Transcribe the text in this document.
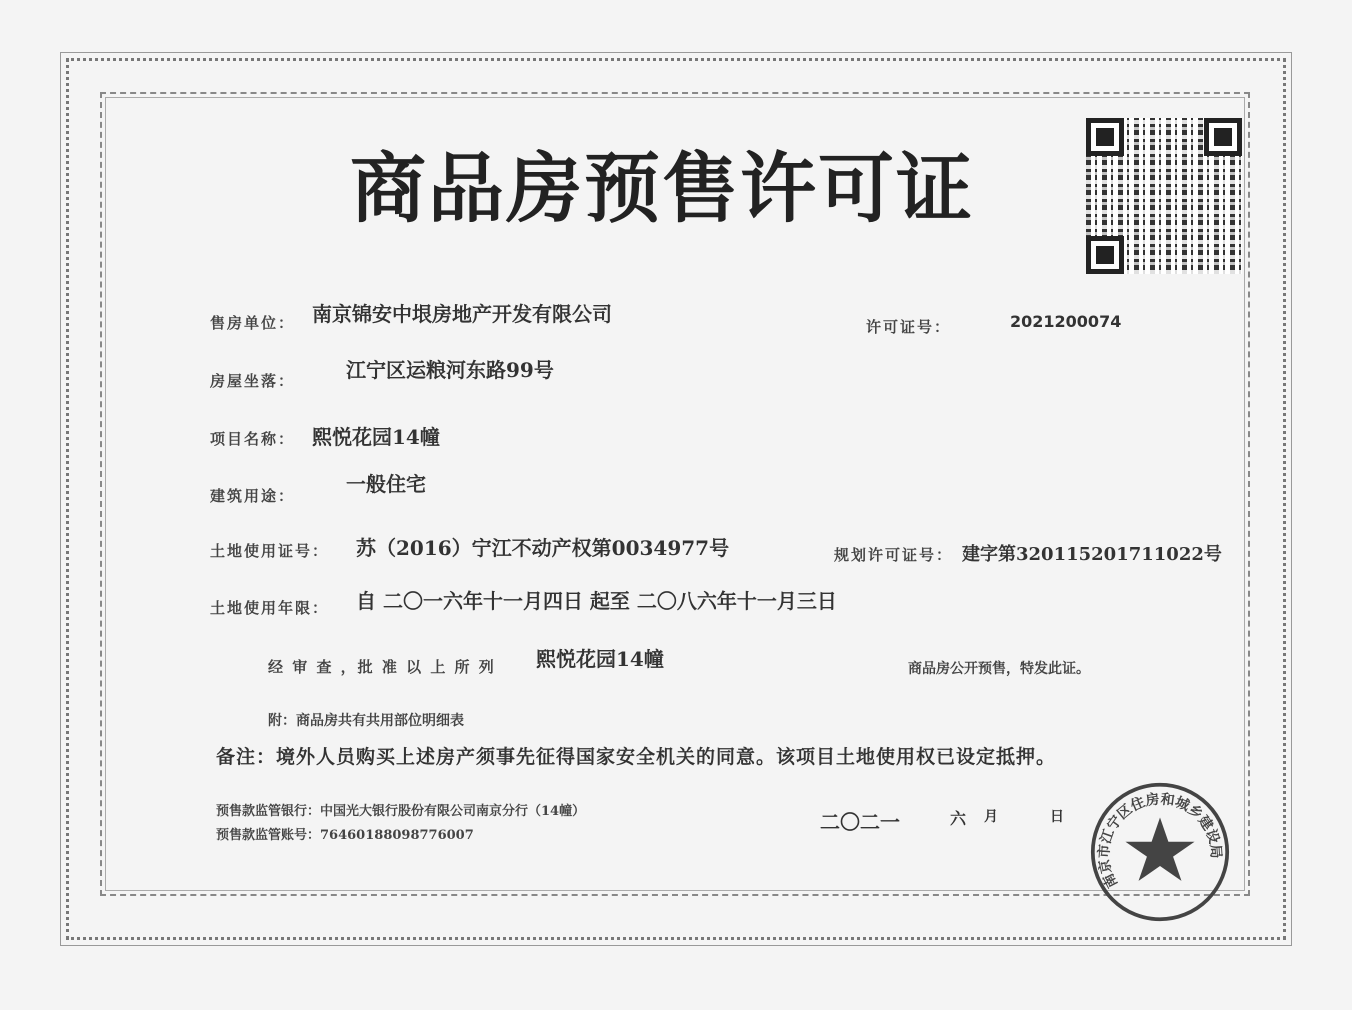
商品房预售许可证
售房单位： 南京锦安中垠房地产开发有限公司
许可证号：	2021200074
房屋坐落：	江宁区运粮河东路99号
项目名称： 熙悦花园14幢
建筑用途：	一般住宅
土地使用证号： 苏（2016）宁江不动产权第0034977号	规划许可证号： 建字第320115201711022号
土地使用年限： 自 二〇一六年十一月四日 起至 二〇八六年十一月三日
经 审 查 ，批 准 以 上 所 列 熙悦花园14幢	商品房公开预售，特发此证。
附：商品房共有共用部位明细表
备注：境外人员购买上述房产须事先征得国家安全机关的同意。该项目土地使用权已设定抵押。
预售款监管银行：中国光大银行股份有限公司南京分行（14幢）
预售款监管账号：76460188098776007
二〇二一	六 月	日
南京市江宁区住房和城乡建设局
